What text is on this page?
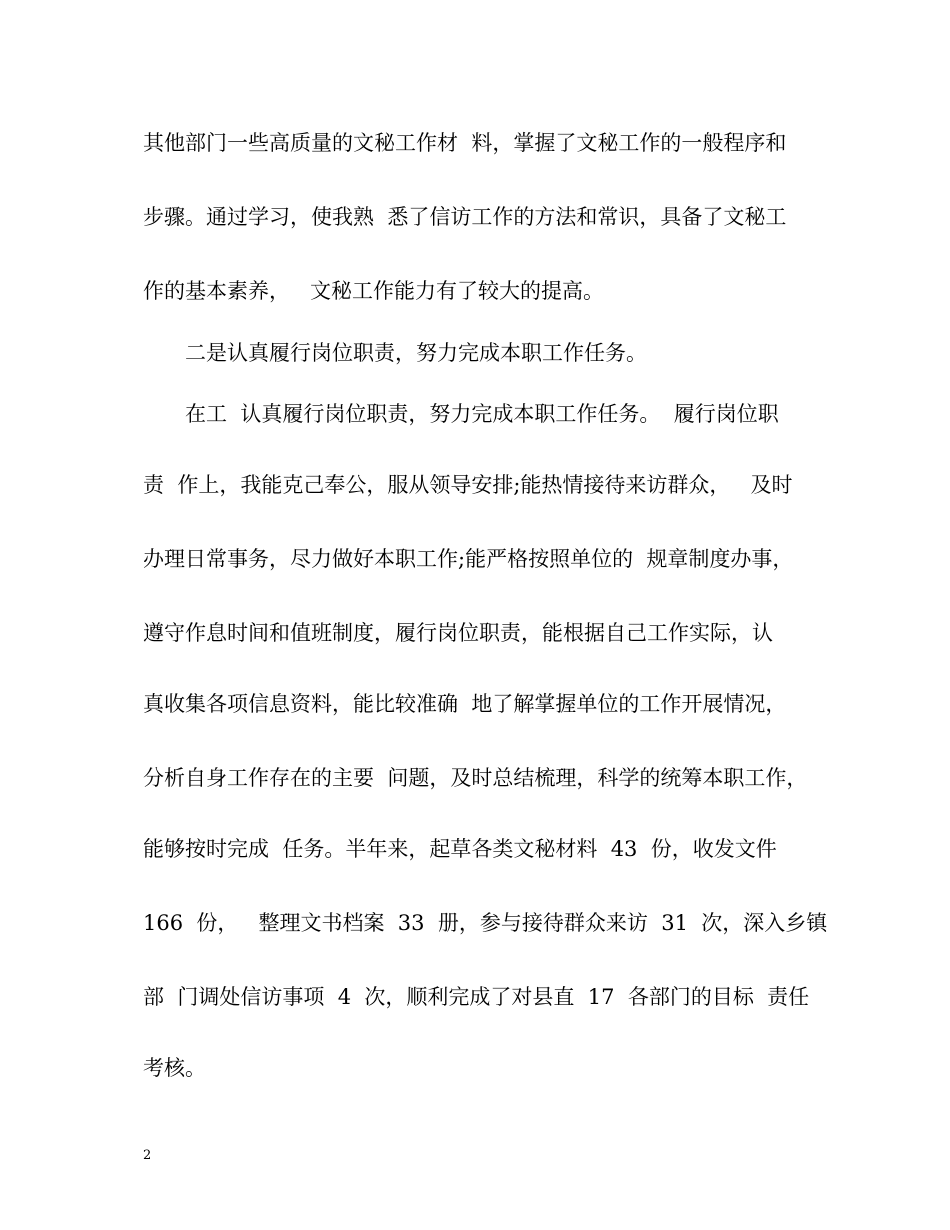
其他部门一些高质量的文秘工作材  料，掌握了文秘工作的一般程序和
步骤。通过学习，使我熟  悉了信访工作的方法和常识，具备了文秘工
作的基本素养，   文秘工作能力有了较大的提高。
二是认真履行岗位职责，努力完成本职工作任务。
在工  认真履行岗位职责，努力完成本职工作任务。  履行岗位职
责  作上，我能克己奉公，服从领导安排;能热情接待来访群众，   及时
办理日常事务，尽力做好本职工作;能严格按照单位的  规章制度办事，
遵守作息时间和值班制度，履行岗位职责，能根据自己工作实际，认
真收集各项信息资料，能比较准确  地了解掌握单位的工作开展情况，
分析自身工作存在的主要  问题，及时总结梳理，科学的统筹本职工作，
能够按时完成  任务。半年来，起草各类文秘材料  43  份，收发文件
166  份，   整理文书档案  33  册，参与接待群众来访  31  次，深入乡镇
部  门调处信访事项  4  次，顺利完成了对县直  17  各部门的目标  责任
考核。
2
